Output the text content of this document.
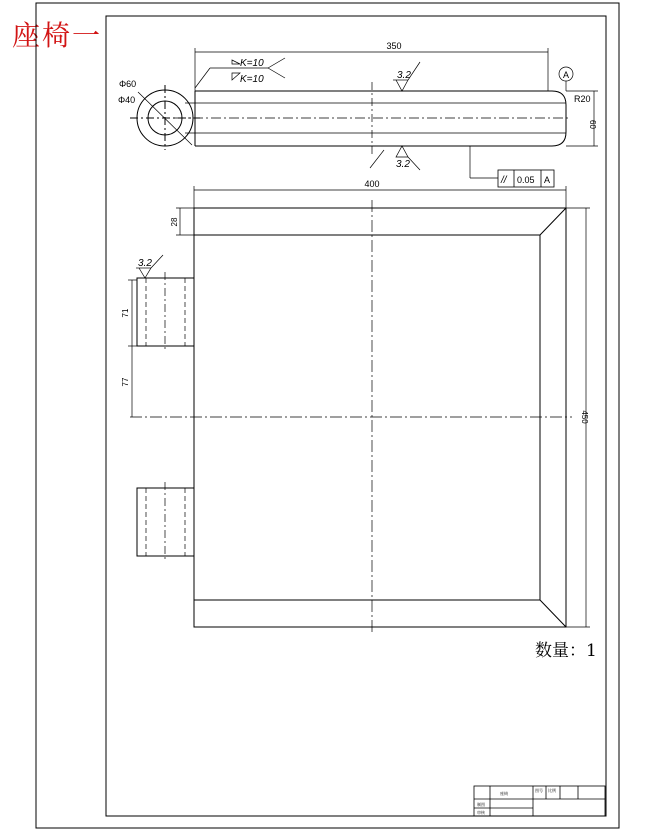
座椅一	350
Φ60
Φ40
K=10
K=10	3.2
3.2
A
R20
60
// 0.05 A
400
28
3.2
71
77
450
座椅
图号 比例
制图
审核
数量：1
